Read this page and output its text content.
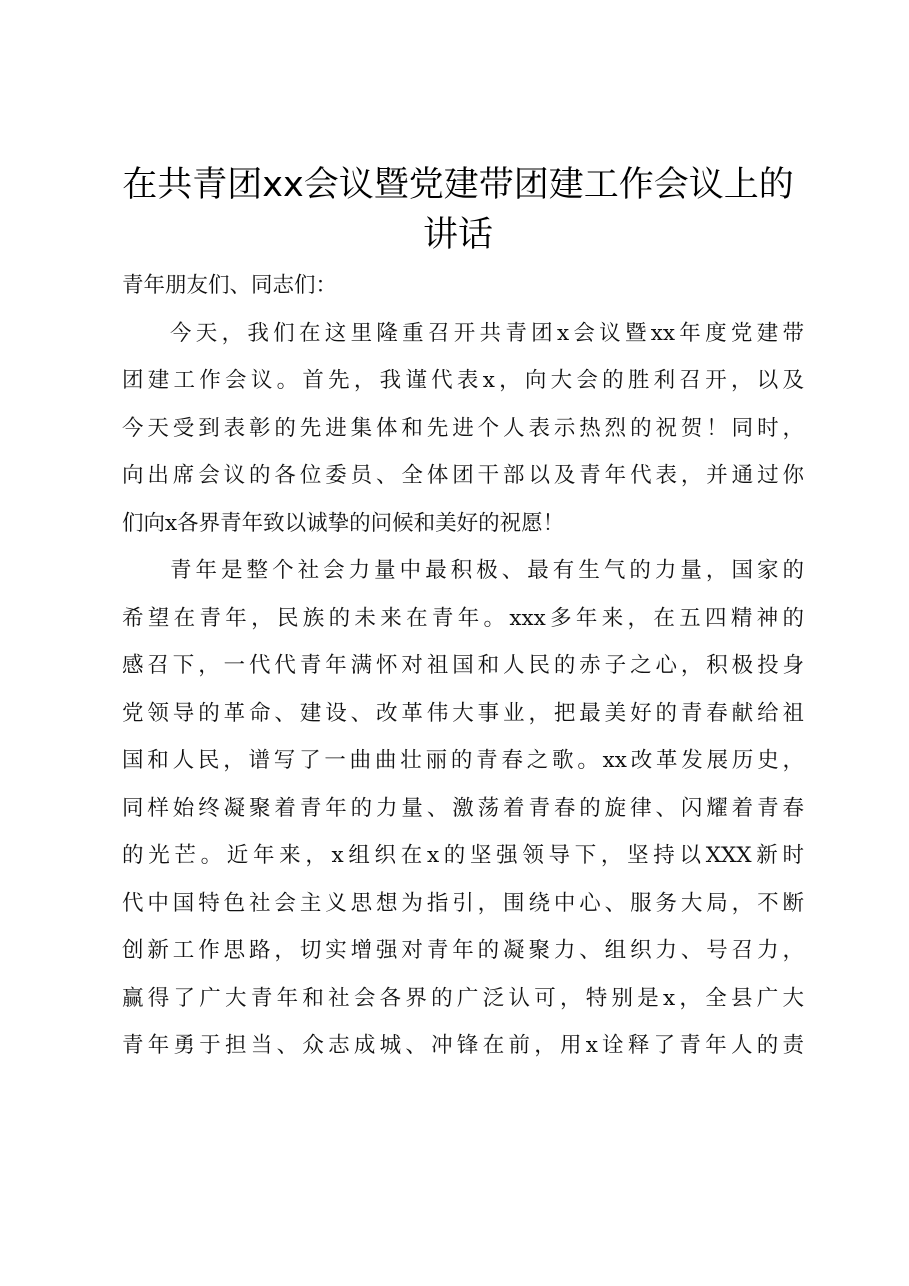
在共青团xx会议暨党建带团建工作会议上的
讲话
青年朋友们、同志们：
今天，我们在这里隆重召开共青团x会议暨xx年度党建带
团建工作会议。首先，我谨代表x，向大会的胜利召开，以及
今天受到表彰的先进集体和先进个人表示热烈的祝贺！同时，
向出席会议的各位委员、全体团干部以及青年代表，并通过你
们向x各界青年致以诚挚的问候和美好的祝愿！
青年是整个社会力量中最积极、最有生气的力量，国家的
希望在青年，民族的未来在青年。xxx多年来，在五四精神的
感召下，一代代青年满怀对祖国和人民的赤子之心，积极投身
党领导的革命、建设、改革伟大事业，把最美好的青春献给祖
国和人民，谱写了一曲曲壮丽的青春之歌。xx改革发展历史，
同样始终凝聚着青年的力量、激荡着青春的旋律、闪耀着青春
的光芒。近年来，x组织在x的坚强领导下，坚持以XXX新时
代中国特色社会主义思想为指引，围绕中心、服务大局，不断
创新工作思路，切实增强对青年的凝聚力、组织力、号召力，
赢得了广大青年和社会各界的广泛认可，特别是x，全县广大
青年勇于担当、众志成城、冲锋在前，用x诠释了青年人的责
